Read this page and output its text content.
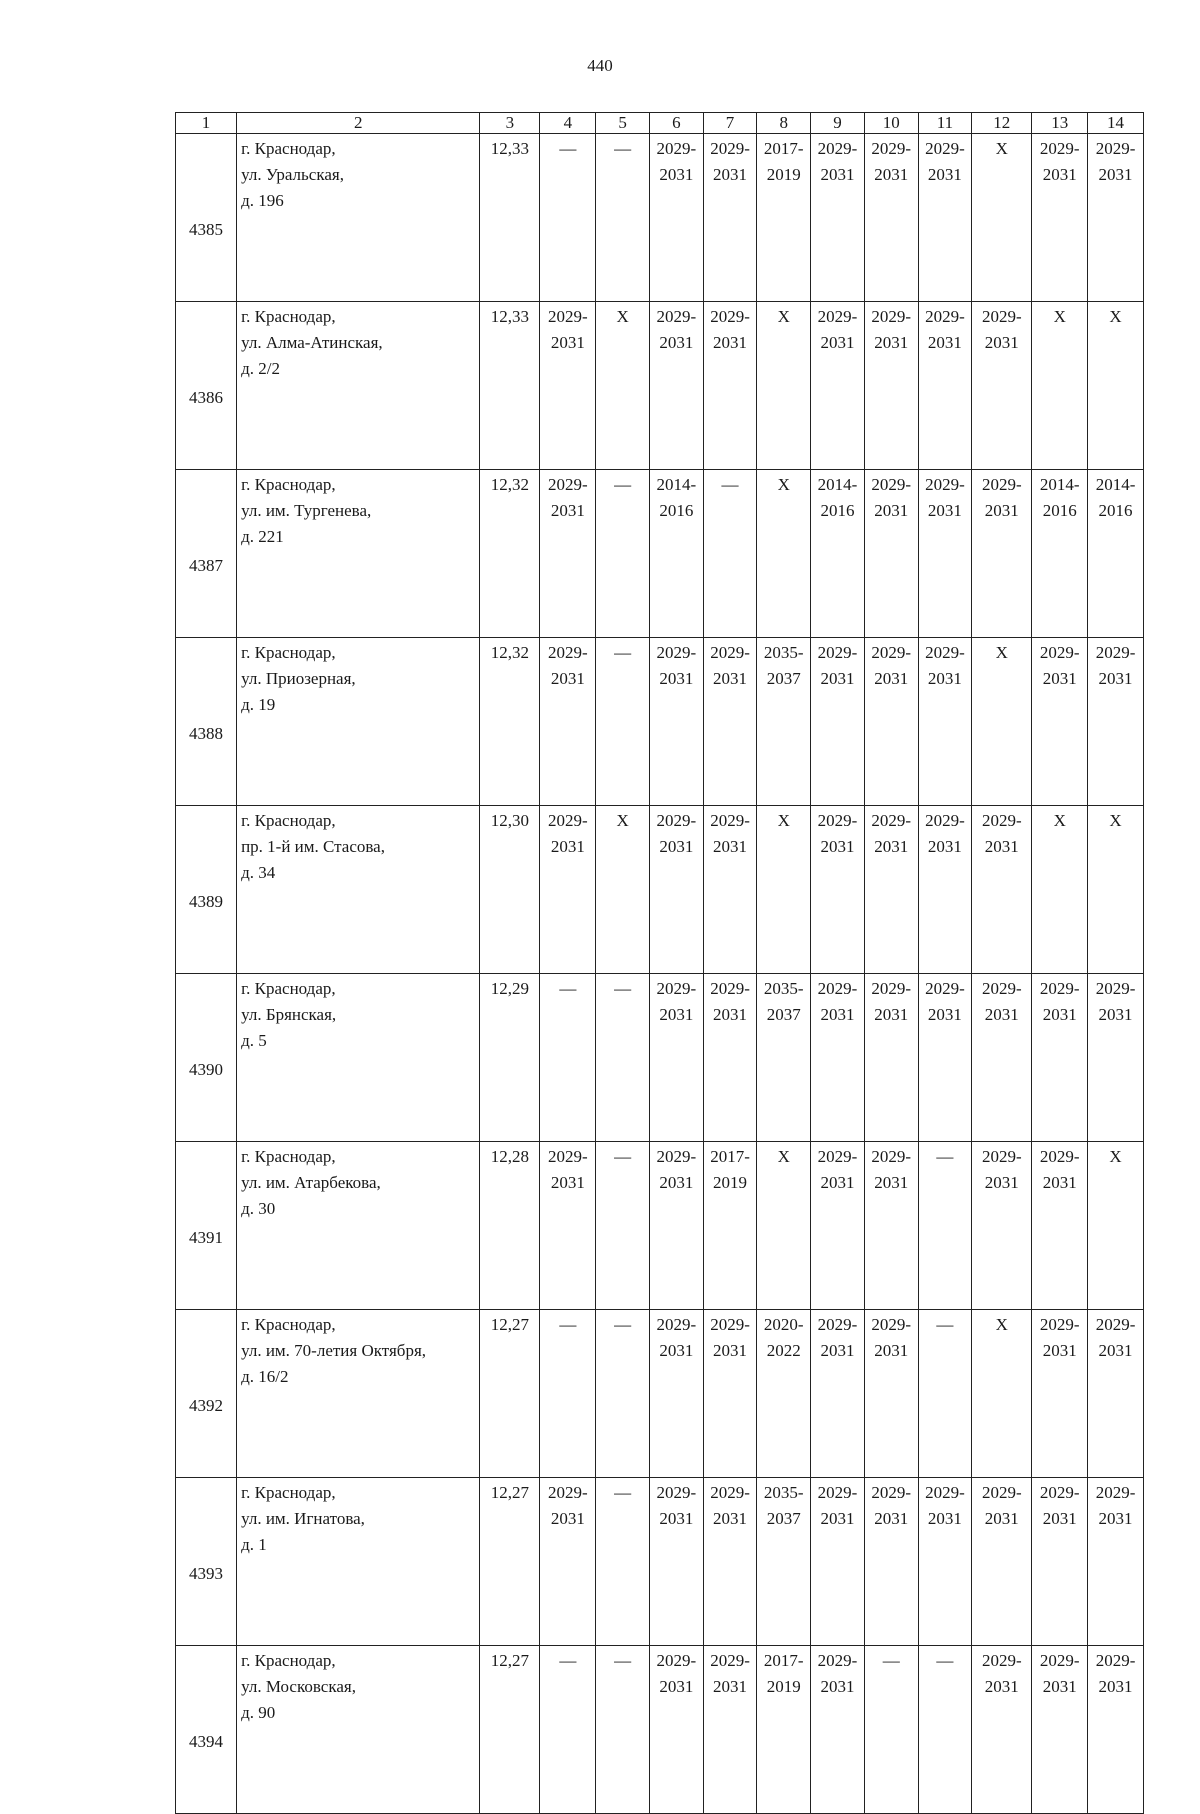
440
1	2	3	4	5	6	7	8	9	10	11	12	13	14
4385	г. Краснодар,
ул. Уральская,
д. 196	12,33	—	—	2029-
2031	2029-
2031	2017-
2019	2029-
2031	2029-
2031	2029-
2031	X	2029-
2031	2029-
2031

4386	г. Краснодар,
ул. Алма-Атинская,
д. 2/2	12,33	2029-
2031	X	2029-
2031	2029-
2031	X	2029-
2031	2029-
2031	2029-
2031	2029-
2031	X	X

4387	г. Краснодар,
ул. им. Тургенева,
д. 221	12,32	2029-
2031	—	2014-
2016	—	X	2014-
2016	2029-
2031	2029-
2031	2029-
2031	2014-
2016	2014-
2016

4388	г. Краснодар,
ул. Приозерная,
д. 19	12,32	2029-
2031	—	2029-
2031	2029-
2031	2035-
2037	2029-
2031	2029-
2031	2029-
2031	X	2029-
2031	2029-
2031

4389	г. Краснодар,
пр. 1-й им. Стасова,
д. 34	12,30	2029-
2031	X	2029-
2031	2029-
2031	X	2029-
2031	2029-
2031	2029-
2031	2029-
2031	X	X

4390	г. Краснодар,
ул. Брянская,
д. 5	12,29	—	—	2029-
2031	2029-
2031	2035-
2037	2029-
2031	2029-
2031	2029-
2031	2029-
2031	2029-
2031	2029-
2031

4391	г. Краснодар,
ул. им. Атарбекова,
д. 30	12,28	2029-
2031	—	2029-
2031	2017-
2019	X	2029-
2031	2029-
2031	—	2029-
2031	2029-
2031	X

4392	г. Краснодар,
ул. им. 70-летия Октября,
д. 16/2	12,27	—	—	2029-
2031	2029-
2031	2020-
2022	2029-
2031	2029-
2031	—	X	2029-
2031	2029-
2031

4393	г. Краснодар,
ул. им. Игнатова,
д. 1	12,27	2029-
2031	—	2029-
2031	2029-
2031	2035-
2037	2029-
2031	2029-
2031	2029-
2031	2029-
2031	2029-
2031	2029-
2031

4394	г. Краснодар,
ул. Московская,
д. 90	12,27	—	—	2029-
2031	2029-
2031	2017-
2019	2029-
2031	—	—	2029-
2031	2029-
2031	2029-
2031
